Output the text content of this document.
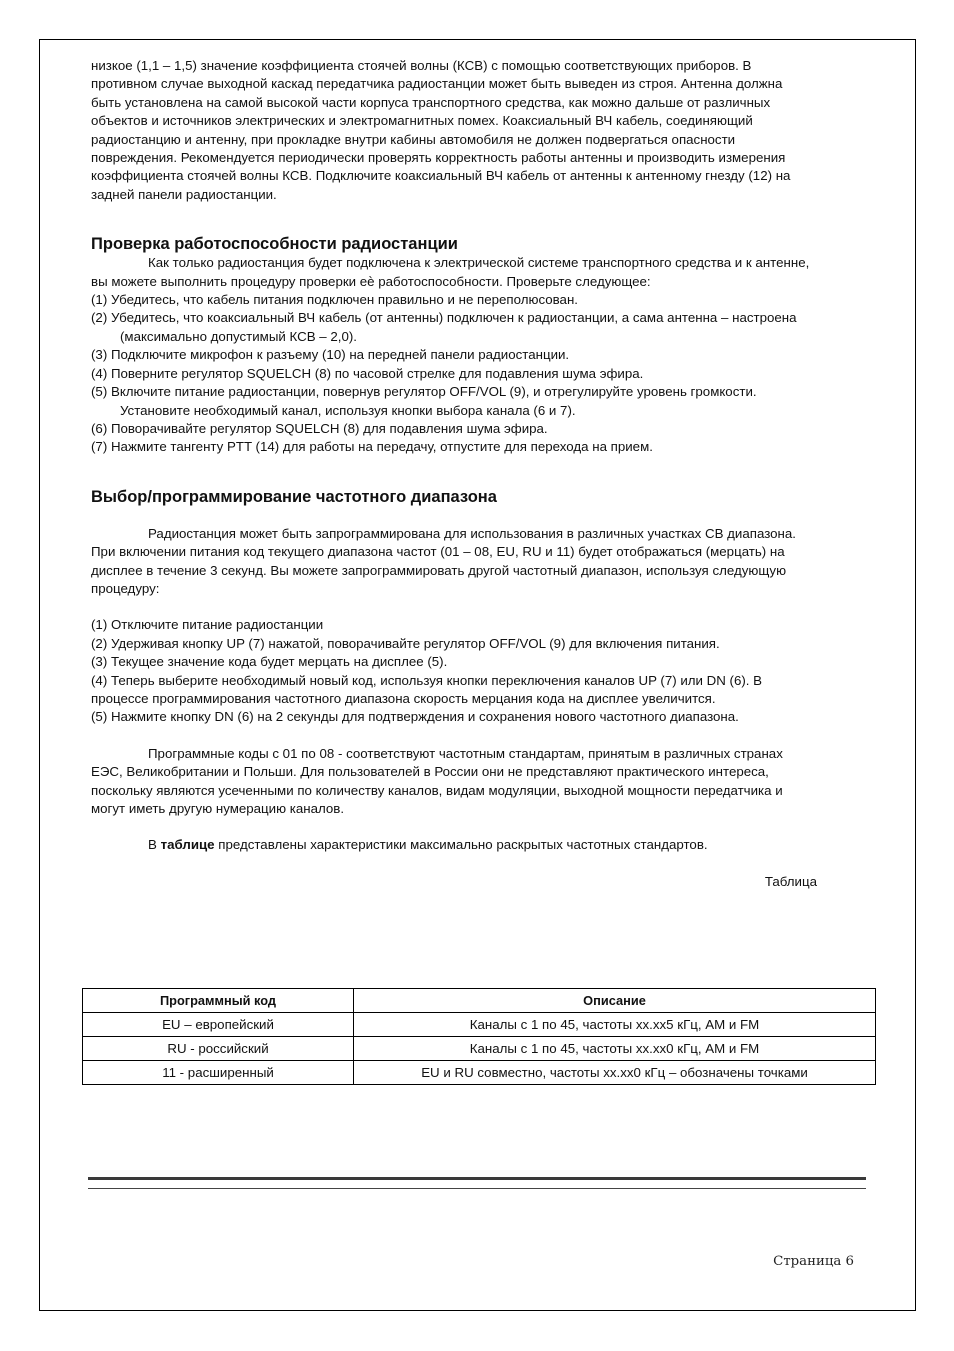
низкое (1,1 – 1,5) значение коэффициента стоячей волны (КСВ) с помощью соответствующих приборов. В противном случае выходной каскад передатчика радиостанции может быть выведен из строя. Антенна должна быть установлена на самой высокой части корпуса транспортного средства, как можно дальше от различных объектов и источников электрических и электромагнитных помех. Коаксиальный ВЧ кабель, соединяющий радиостанцию и антенну, при прокладке внутри кабины автомобиля не должен подвергаться опасности повреждения. Рекомендуется периодически проверять корректность работы антенны и производить измерения коэффициента стоячей волны КСВ. Подключите коаксиальный ВЧ кабель от антенны к антенному гнезду (12) на задней панели радиостанции.

Проверка работоспособности радиостанции

Как только радиостанция будет подключена к электрической системе транспортного средства и к антенне, вы можете выполнить процедуру проверки еѐ работоспособности. Проверьте следующее:

(1) Убедитесь, что кабель питания подключен правильно и не переполюсован.

(2) Убедитесь, что коаксиальный ВЧ кабель (от антенны) подключен к радиостанции, а сама антенна – настроена (максимально допустимый КСВ – 2,0).

(3) Подключите микрофон к разъему (10) на передней панели радиостанции.

(4) Поверните регулятор SQUELCH (8) по часовой стрелке для подавления шума эфира.

(5) Включите питание радиостанции, повернув регулятор OFF/VOL (9), и отрегулируйте уровень громкости. Установите необходимый канал, используя кнопки выбора канала (6 и 7).

(6) Поворачивайте регулятор SQUELCH (8) для подавления шума эфира.

(7) Нажмите тангенту PTT (14) для работы на передачу, отпустите для перехода на прием.

Выбор/программирование частотного диапазона

Радиостанция может быть запрограммирована для использования в различных участках СВ диапазона. При включении питания код текущего диапазона частот (01 – 08, EU, RU и 11) будет отображаться (мерцать) на дисплее в течение 3 секунд. Вы можете запрограммировать другой частотный диапазон, используя следующую процедуру:

(1) Отключите питание радиостанции

(2) Удерживая кнопку UP (7) нажатой, поворачивайте регулятор OFF/VOL (9) для включения питания.

(3) Текущее значение кода будет мерцать на дисплее (5).

(4) Теперь выберите необходимый новый код, используя кнопки переключения каналов UP (7) или DN (6). В процессе программирования частотного диапазона скорость мерцания кода на дисплее увеличится.

(5) Нажмите кнопку DN (6) на 2 секунды для подтверждения и сохранения нового частотного диапазона.

Программные коды с 01 по 08 - соответствуют частотным стандартам, принятым в различных странах ЕЭС, Великобритании и Польши. Для пользователей в России они не представляют практического интереса, поскольку являются усеченными по количеству каналов, видам модуляции, выходной мощности передатчика и могут иметь другую нумерацию каналов.

В таблице представлены характеристики максимально раскрытых частотных стандартов.

Таблица

Программный код	Описание
EU – европейский	Каналы с 1 по 45, частоты хх.хх5 кГц, AM и FM
RU - российский	Каналы с 1 по 45, частоты хх.хх0 кГц, AM и FM
11 - расширенный	EU и RU совместно, частоты хх.хх0 кГц – обозначены точками
Страница 6
